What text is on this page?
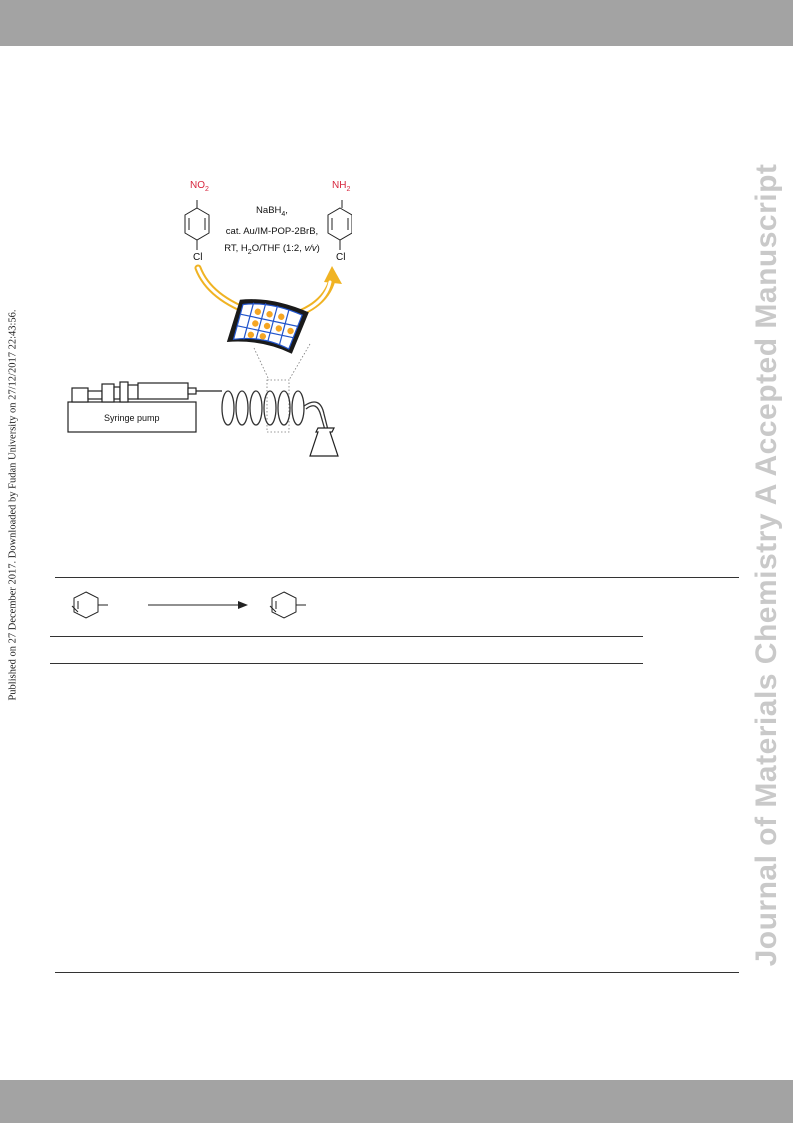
Journal of Materials Chemistry A Accepted Manuscript
Published on 27 December 2017. Downloaded by Fudan University on 27/12/2017 22:43:56.
$NO_2$
Cl
$NH_2$
Cl
NaBH$_4$,
cat. Au/IM-POP-2BrB,
RT, $H_2O$/THF (1:2, v/v)
Syringe pump
